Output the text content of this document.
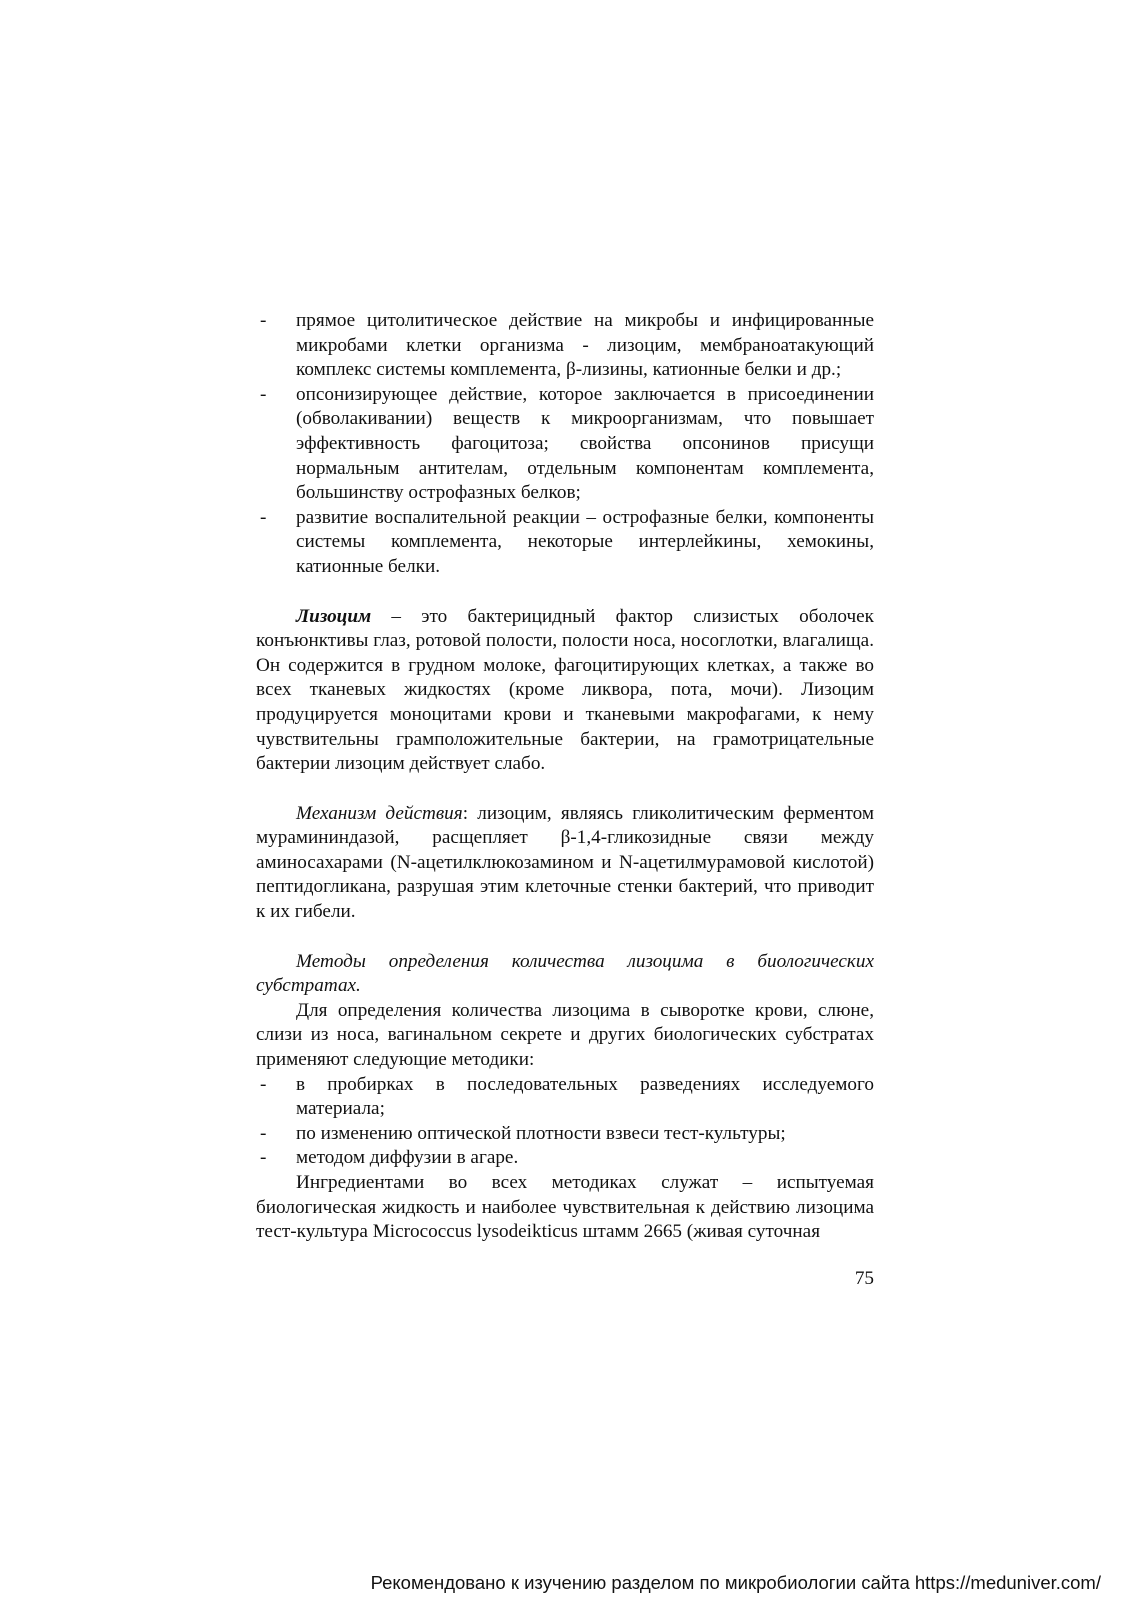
- прямое цитолитическое действие на микробы и инфицированные микробами клетки организма - лизоцим, мембраноатакующий комплекс системы комплемента, β-лизины, катионные белки и др.;
- опсонизирующее действие, которое заключается в присоединении (обволакивании) веществ к микроорганизмам, что повышает эффективность фагоцитоза; свойства опсонинов присущи нормальным антителам, отдельным компонентам комплемента, большинству острофазных белков;
- развитие воспалительной реакции – острофазные белки, компоненты системы комплемента, некоторые интерлейкины, хемокины, катионные белки.

Лизоцим – это бактерицидный фактор слизистых оболочек конъюнктивы глаз, ротовой полости, полости носа, носоглотки, влагалища. Он содержится в грудном молоке, фагоцитирующих клетках, а также во всех тканевых жидкостях (кроме ликвора, пота, мочи). Лизоцим продуцируется моноцитами крови и тканевыми макрофагами, к нему чувствительны грамположительные бактерии, на грамотрицательные бактерии лизоцим действует слабо.

Механизм действия: лизоцим, являясь гликолитическим ферментом мурамининдазой, расщепляет β-1,4-гликозидные связи между аминосахарами (N-ацетилклюкозамином и N-ацетилмурамовой кислотой) пептидогликана, разрушая этим клеточные стенки бактерий, что приводит к их гибели.

Методы определения количества лизоцима в биологических субстратах.

Для определения количества лизоцима в сыворотке крови, слюне, слизи из носа, вагинальном секрете и других биологических субстратах применяют следующие методики:

- в пробирках в последовательных разведениях исследуемого материала;
- по изменению оптической плотности взвеси тест-культуры;
- методом диффузии в агаре.

Ингредиентами во всех методиках служат – испытуемая биологическая жидкость и наиболее чувствительная к действию лизоцима тест-культура Micrococcus lysodeikticus штамм 2665 (живая суточная

75
Рекомендовано к изучению разделом по микробиологии сайта https://meduniver.com/
